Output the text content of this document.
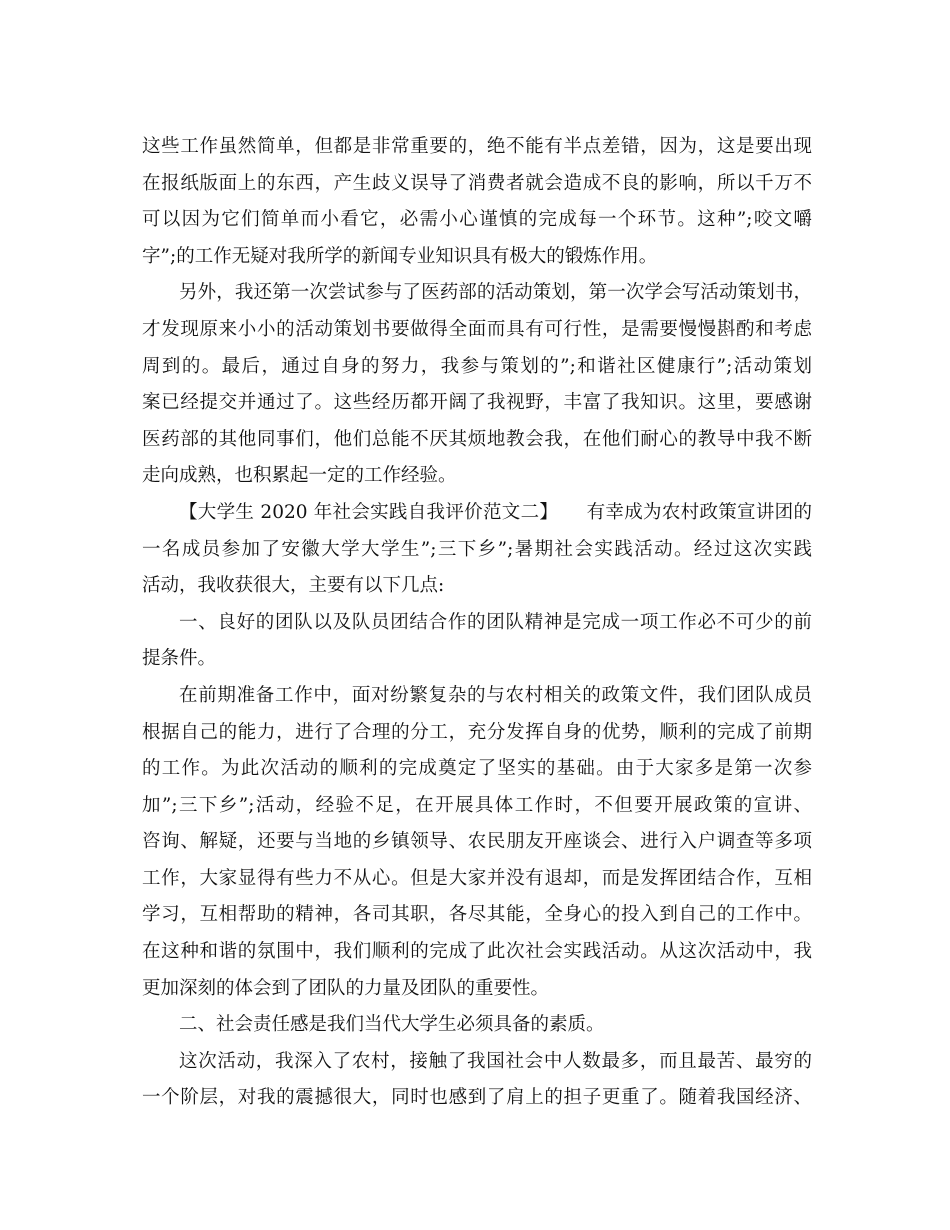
这些工作虽然简单，但都是非常重要的，绝不能有半点差错，因为，这是要出现
在报纸版面上的东西，产生歧义误导了消费者就会造成不良的影响，所以千万不
可以因为它们简单而小看它，必需小心谨慎的完成每一个环节。这种”;咬文嚼
字”;的工作无疑对我所学的新闻专业知识具有极大的锻炼作用。
另外，我还第一次尝试参与了医药部的活动策划，第一次学会写活动策划书，
才发现原来小小的活动策划书要做得全面而具有可行性，是需要慢慢斟酌和考虑
周到的。最后，通过自身的努力，我参与策划的”;和谐社区健康行”;活动策划
案已经提交并通过了。这些经历都开阔了我视野，丰富了我知识。这里，要感谢
医药部的其他同事们，他们总能不厌其烦地教会我，在他们耐心的教导中我不断
走向成熟，也积累起一定的工作经验。
【大学生 2020 年社会实践自我评价范文二】　　有幸成为农村政策宣讲团的
一名成员参加了安徽大学大学生”;三下乡”;暑期社会实践活动。经过这次实践
活动，我收获很大，主要有以下几点:
一、良好的团队以及队员团结合作的团队精神是完成一项工作必不可少的前
提条件。
在前期准备工作中，面对纷繁复杂的与农村相关的政策文件，我们团队成员
根据自己的能力，进行了合理的分工，充分发挥自身的优势，顺利的完成了前期
的工作。为此次活动的顺利的完成奠定了坚实的基础。由于大家多是第一次参
加”;三下乡”;活动，经验不足，在开展具体工作时，不但要开展政策的宣讲、
咨询、解疑，还要与当地的乡镇领导、农民朋友开座谈会、进行入户调查等多项
工作，大家显得有些力不从心。但是大家并没有退却，而是发挥团结合作，互相
学习，互相帮助的精神，各司其职，各尽其能，全身心的投入到自己的工作中。
在这种和谐的氛围中，我们顺利的完成了此次社会实践活动。从这次活动中，我
更加深刻的体会到了团队的力量及团队的重要性。
二、社会责任感是我们当代大学生必须具备的素质。
这次活动，我深入了农村，接触了我国社会中人数最多，而且最苦、最穷的
一个阶层，对我的震撼很大，同时也感到了肩上的担子更重了。随着我国经济、
